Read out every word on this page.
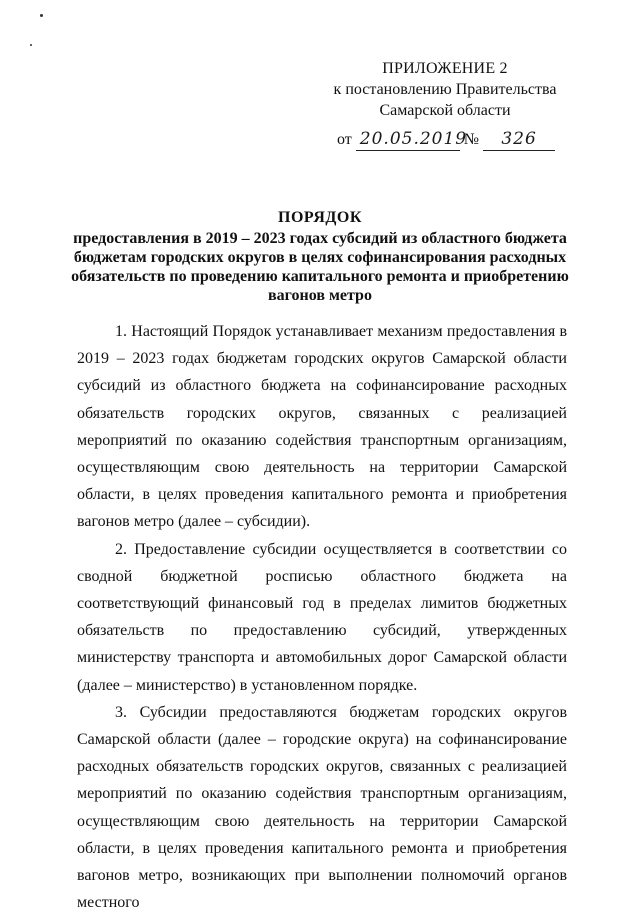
ПРИЛОЖЕНИЕ 2
к постановлению Правительства
Самарской области
от 20.05.2019 № 326
ПОРЯДОК
предоставления в 2019 – 2023 годах субсидий из областного бюджета бюджетам городских округов в целях софинансирования расходных обязательств по проведению капитального ремонта и приобретению вагонов метро

1. Настоящий Порядок устанавливает механизм предоставления в 2019 – 2023 годах бюджетам городских округов Самарской области субсидий из областного бюджета на софинансирование расходных обязательств городских округов, связанных с реализацией мероприятий по оказанию содействия транспортным организациям, осуществляющим свою деятельность на территории Самарской области, в целях проведения капитального ремонта и приобретения вагонов метро (далее – субсидии).

2. Предоставление субсидии осуществляется в соответствии со сводной бюджетной росписью областного бюджета на соответствующий финансовый год в пределах лимитов бюджетных обязательств по предоставлению субсидий, утвержденных министерству транспорта и автомобильных дорог Самарской области (далее – министерство) в установленном порядке.

3. Субсидии предоставляются бюджетам городских округов Самарской области (далее – городские округа) на софинансирование расходных обязательств городских округов, связанных с реализацией мероприятий по оказанию содействия транспортным организациям, осуществляющим свою деятельность на территории Самарской области, в целях проведения капитального ремонта и приобретения вагонов метро, возникающих при выполнении полномочий органов местного
